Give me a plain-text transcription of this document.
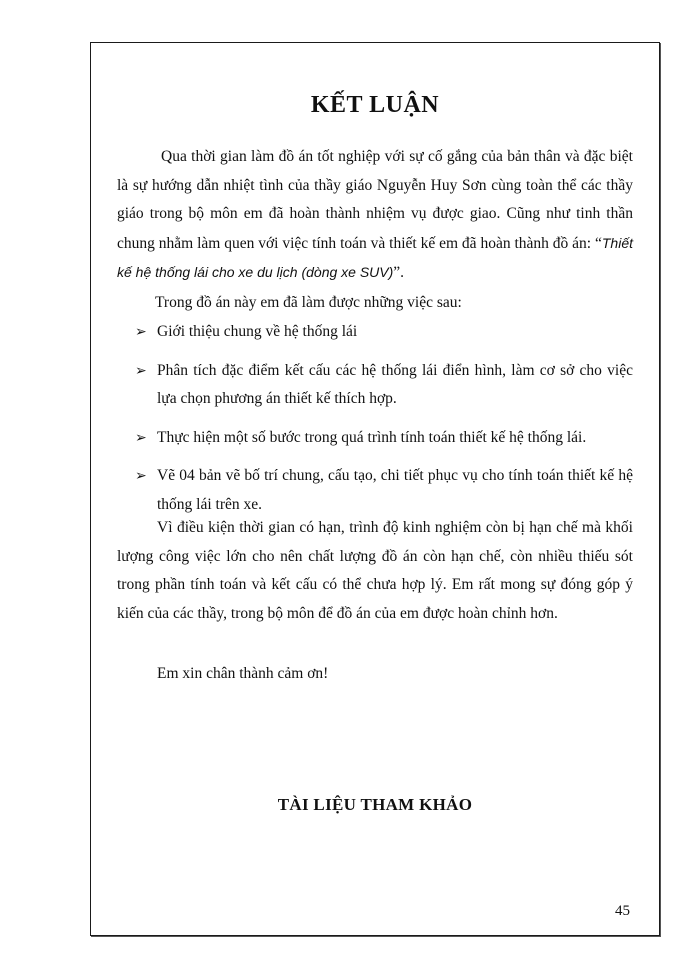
KẾT LUẬN

Qua thời gian làm đồ án tốt nghiệp với sự cố gắng của bản thân và đặc biệt là sự hướng dẫn nhiệt tình của thầy giáo Nguyễn Huy Sơn cùng toàn thể các thầy giáo trong bộ môn em đã hoàn thành nhiệm vụ được giao. Cũng như tinh thần chung nhằm làm quen với việc tính toán và thiết kế em đã hoàn thành đồ án: “Thiết kế hệ thống lái cho xe du lịch (dòng xe SUV)”.

Trong đồ án này em đã làm được những việc sau:

➢ Giới thiệu chung về hệ thống lái
➢ Phân tích đặc điểm kết cấu các hệ thống lái điển hình, làm cơ sở cho việc lựa chọn phương án thiết kế thích hợp.
➢ Thực hiện một số bước trong quá trình tính toán thiết kế hệ thống lái.
➢ Vẽ 04 bản vẽ bố trí chung, cấu tạo, chi tiết phục vụ cho tính toán thiết kế hệ thống lái trên xe.

Vì điều kiện thời gian có hạn, trình độ kinh nghiệm còn bị hạn chế mà khối lượng công việc lớn cho nên chất lượng đồ án còn hạn chế, còn nhiều thiếu sót trong phần tính toán và kết cấu có thể chưa hợp lý. Em rất mong sự đóng góp ý kiến của các thầy, trong bộ môn để đồ án của em được hoàn chỉnh hơn.

Em xin chân thành cảm ơn!

TÀI LIỆU THAM KHẢO
45
